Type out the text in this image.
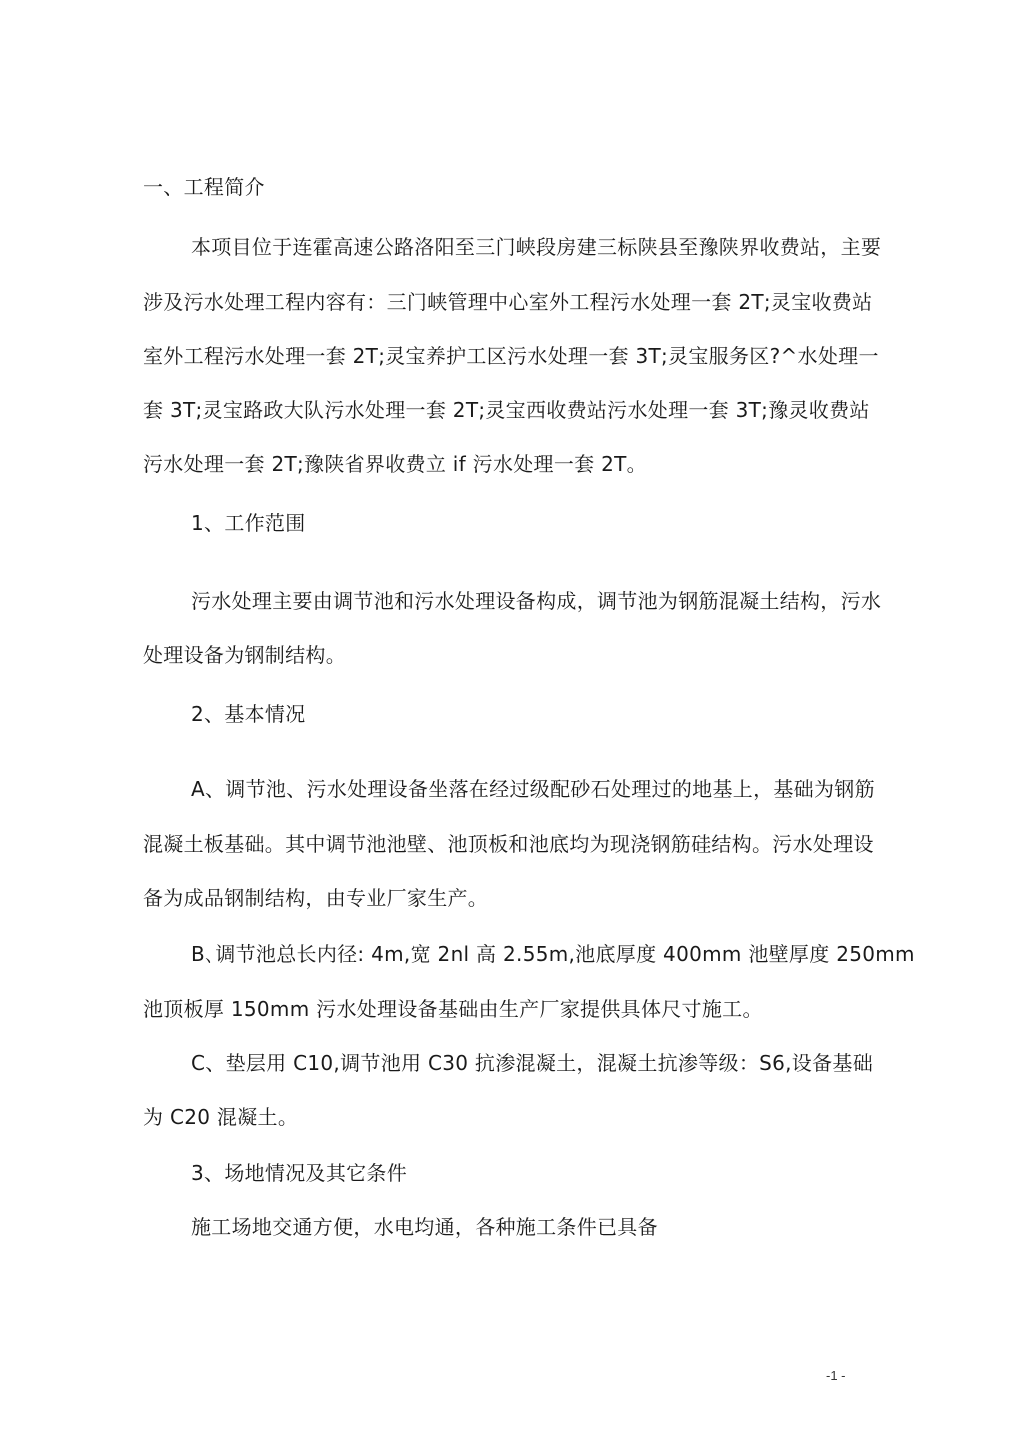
一、工程简介
本项目位于连霍高速公路洛阳至三门峡段房建三标陕县至豫陕界收费站，主要
涉及污水处理工程内容有：三门峡管理中心室外工程污水处理一套 2T;灵宝收费站
室外工程污水处理一套 2T;灵宝养护工区污水处理一套 3T;灵宝服务区?^水处理一
套 3T;灵宝路政大队污水处理一套 2T;灵宝西收费站污水处理一套 3T;豫灵收费站
污水处理一套 2T;豫陕省界收费立 if 污水处理一套 2T。
1、工作范围
污水处理主要由调节池和污水处理设备构成，调节池为钢筋混凝土结构，污水
处理设备为钢制结构。
2、基本情况
A、调节池、污水处理设备坐落在经过级配砂石处理过的地基上，基础为钢筋
混凝土板基础。其中调节池池壁、池顶板和池底均为现浇钢筋硅结构。污水处理设
备为成品钢制结构，由专业厂家生产。
B､调节池总长内径: 4m,宽 2nl 高 2.55m,池底厚度 400mm 池壁厚度 250mm
池顶板厚 150mm 污水处理设备基础由生产厂家提供具体尺寸施工。
C、垫层用 C10,调节池用 C30 抗渗混凝土，混凝土抗渗等级：S6,设备基础
为 C20 混凝土。
3、场地情况及其它条件
施工场地交通方便，水电均通，各种施工条件已具备
-1 -
